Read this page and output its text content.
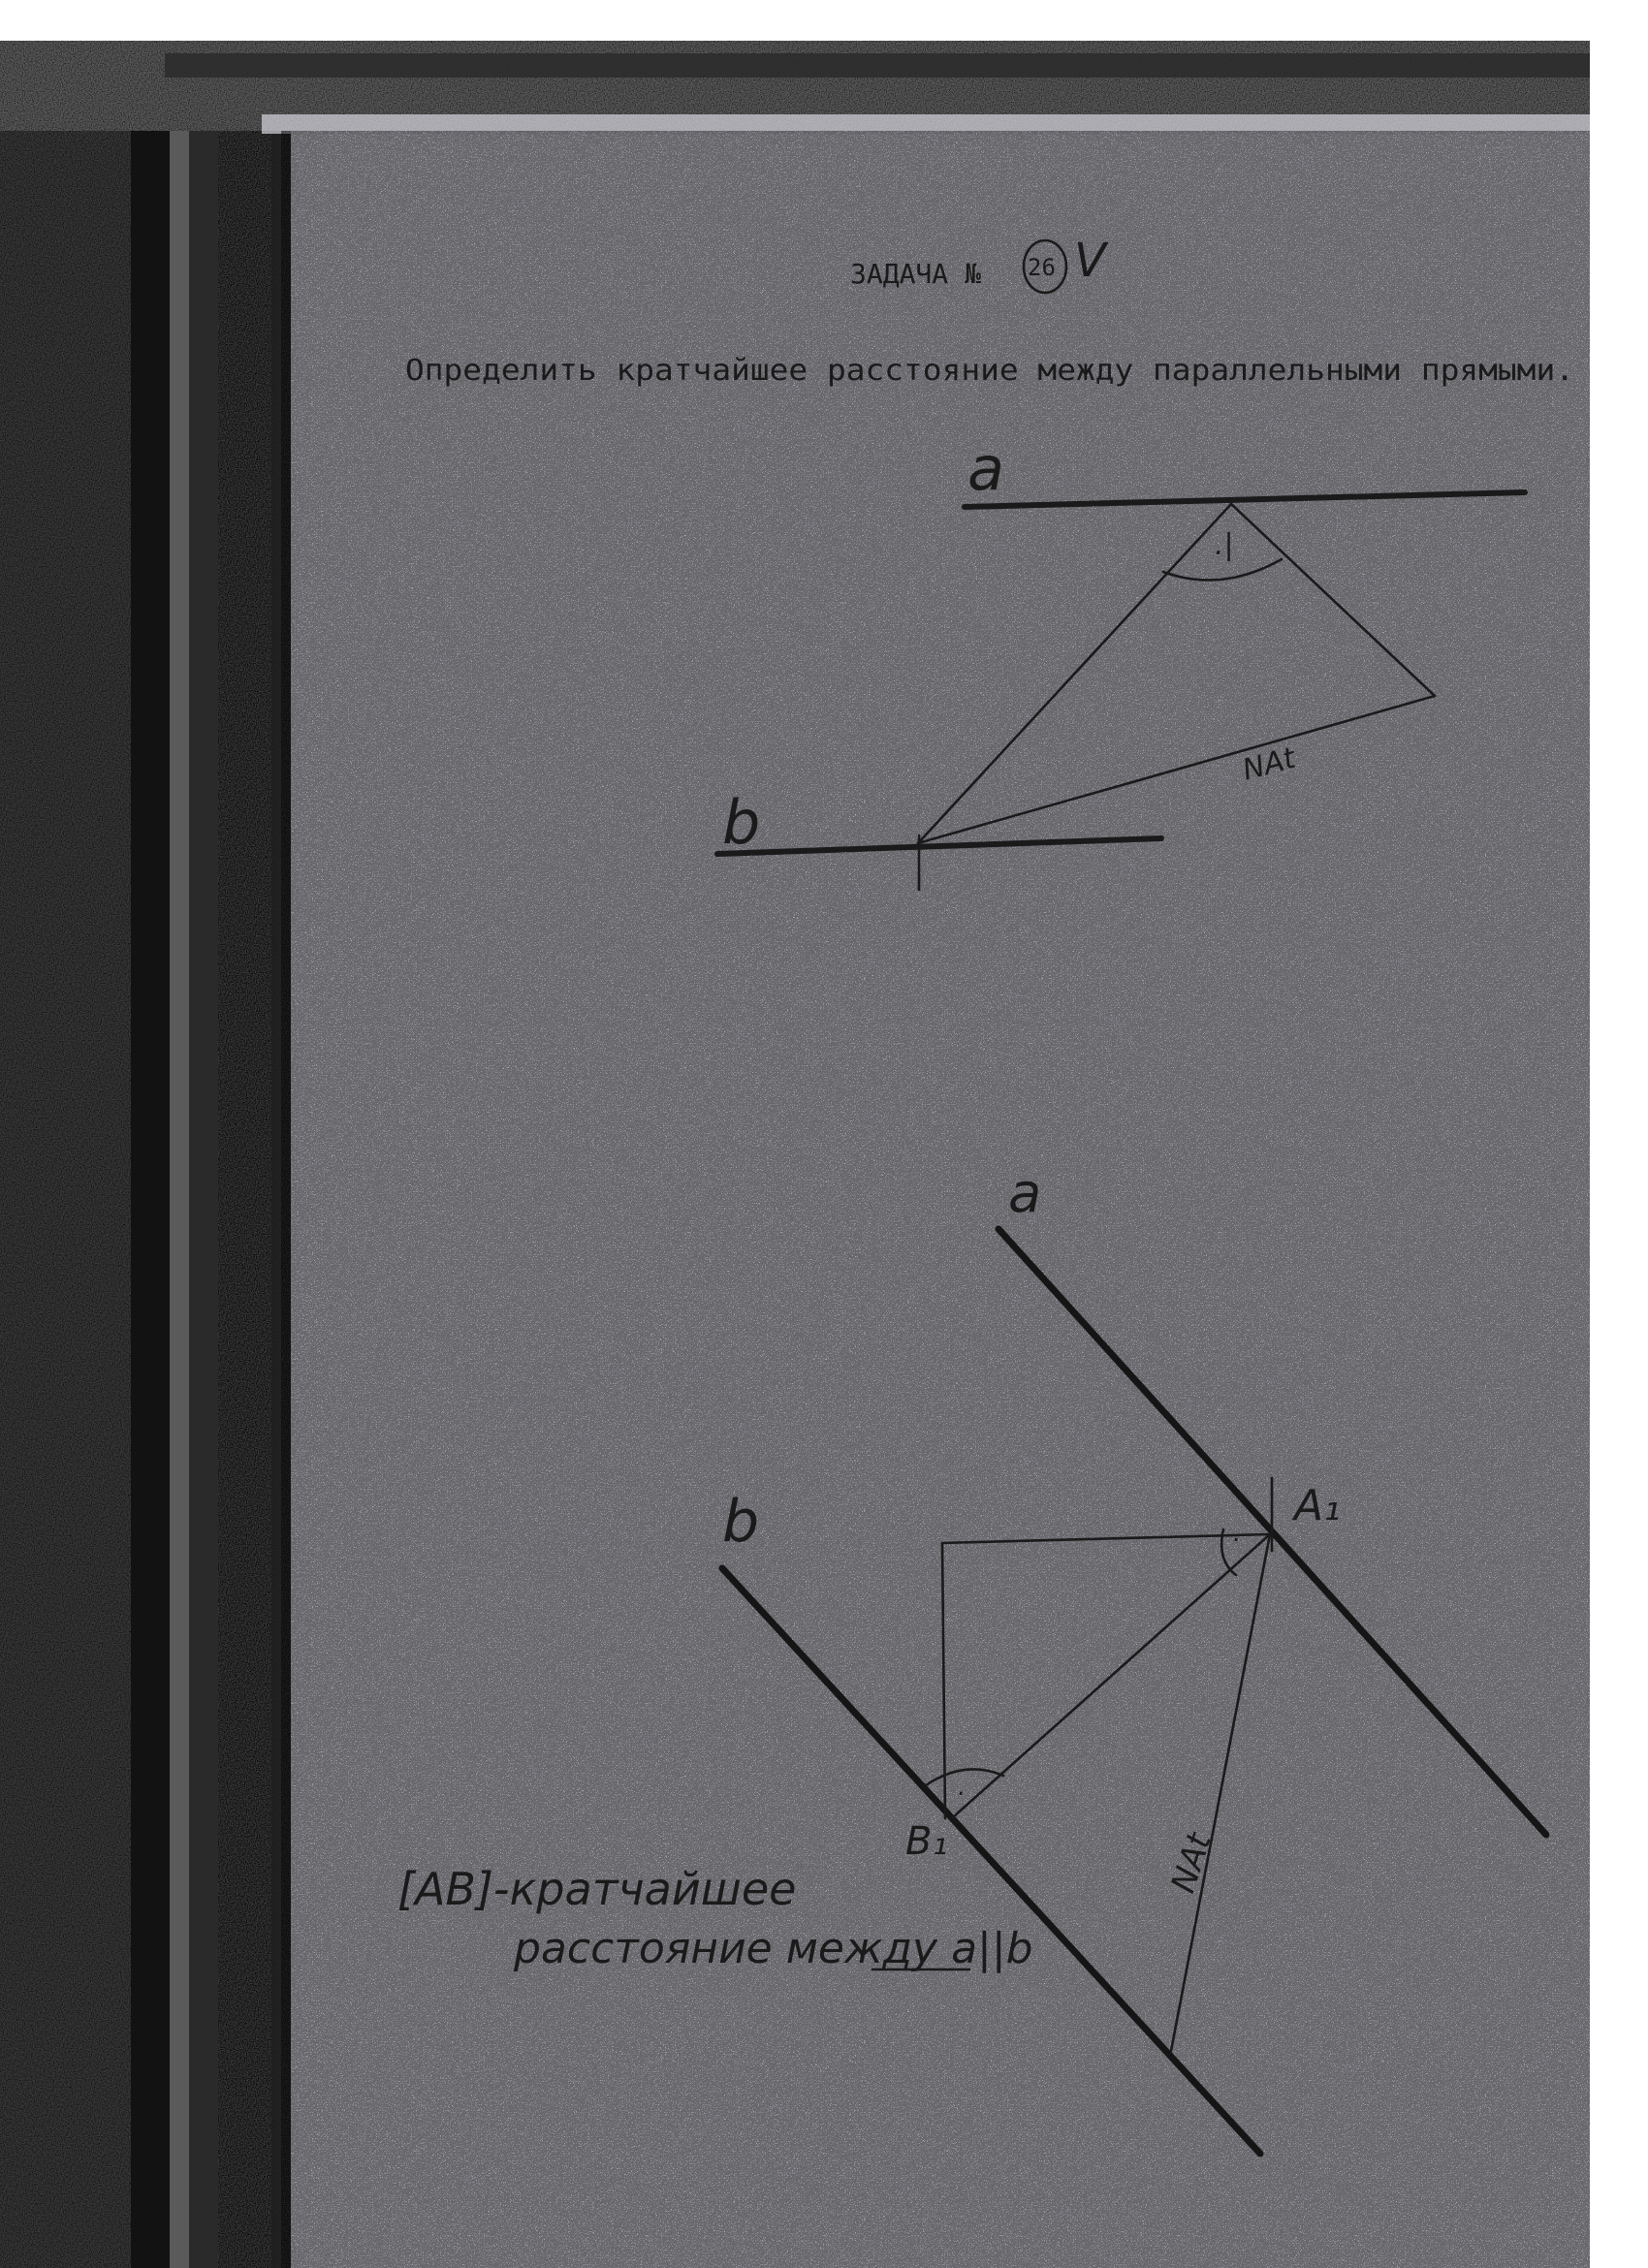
ЗАДАЧА № 26 V
Определить кратчайшее расстояние между параллельными прямыми.
.|
a
b
NAt
.
.
a
b	A₁
B₁	NAt
[AB]-кратчайшее
расстояние между a||b
